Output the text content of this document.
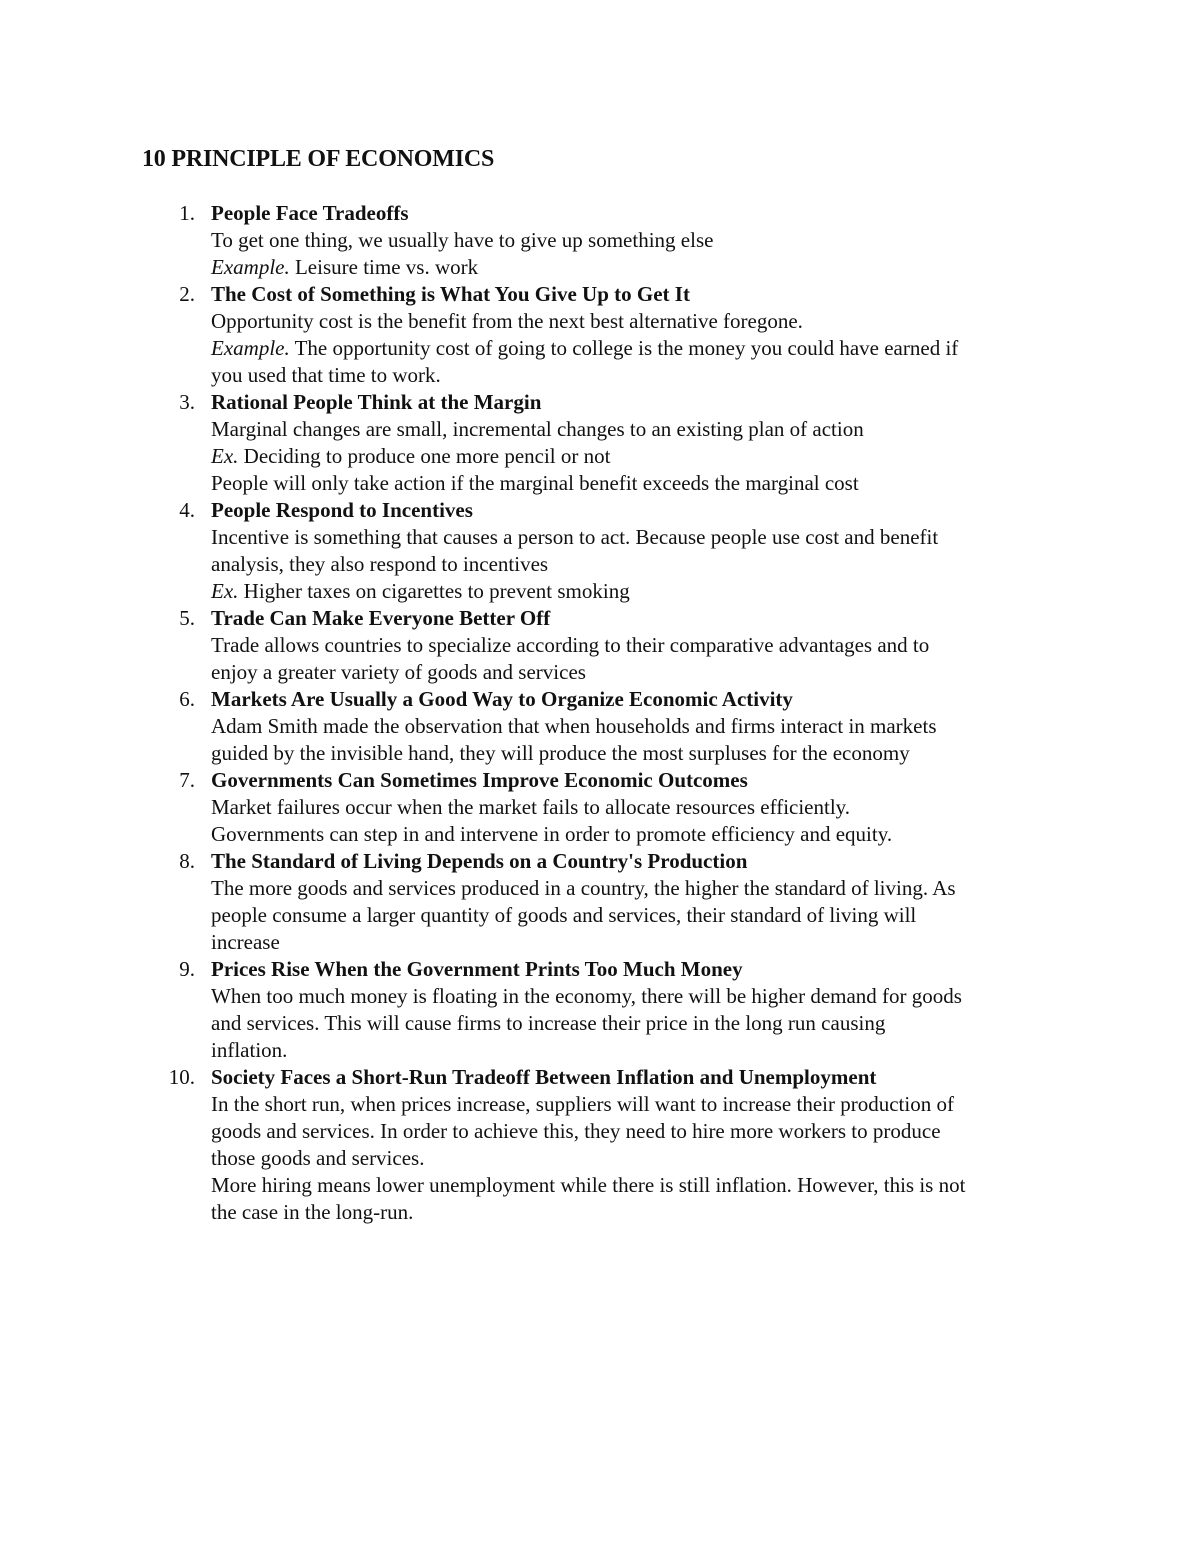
10 PRINCIPLE OF ECONOMICS
1. People Face Tradeoffs
To get one thing, we usually have to give up something else
Example. Leisure time vs. work
2. The Cost of Something is What You Give Up to Get It
Opportunity cost is the benefit from the next best alternative foregone.
Example. The opportunity cost of going to college is the money you could have earned if
you used that time to work.
3. Rational People Think at the Margin
Marginal changes are small, incremental changes to an existing plan of action
Ex. Deciding to produce one more pencil or not
People will only take action if the marginal benefit exceeds the marginal cost
4. People Respond to Incentives
Incentive is something that causes a person to act. Because people use cost and benefit
analysis, they also respond to incentives
Ex. Higher taxes on cigarettes to prevent smoking
5. Trade Can Make Everyone Better Off
Trade allows countries to specialize according to their comparative advantages and to
enjoy a greater variety of goods and services
6. Markets Are Usually a Good Way to Organize Economic Activity
Adam Smith made the observation that when households and firms interact in markets
guided by the invisible hand, they will produce the most surpluses for the economy
7. Governments Can Sometimes Improve Economic Outcomes
Market failures occur when the market fails to allocate resources efficiently.
Governments can step in and intervene in order to promote efficiency and equity.
8. The Standard of Living Depends on a Country's Production
The more goods and services produced in a country, the higher the standard of living. As
people consume a larger quantity of goods and services, their standard of living will
increase
9. Prices Rise When the Government Prints Too Much Money
When too much money is floating in the economy, there will be higher demand for goods
and services. This will cause firms to increase their price in the long run causing
inflation.
10. Society Faces a Short-Run Tradeoff Between Inflation and Unemployment
In the short run, when prices increase, suppliers will want to increase their production of
goods and services. In order to achieve this, they need to hire more workers to produce
those goods and services.
More hiring means lower unemployment while there is still inflation. However, this is not
the case in the long-run.
